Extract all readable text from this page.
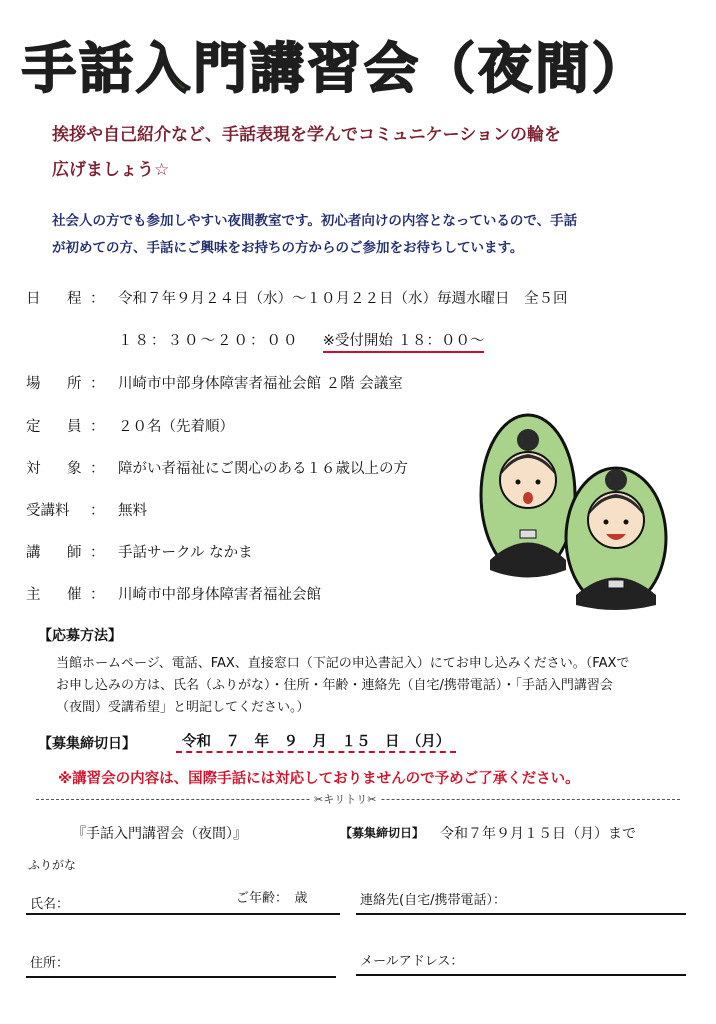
手話入門講習会（夜間）
挨拶や自己紹介など、手話表現を学んでコミュニケーションの輪を
広げましょう☆
社会人の方でも参加しやすい夜間教室です。初心者向けの内容となっているので、手話
が初めての方、手話にご興味をお持ちの方からのご参加をお待ちしています。
日　程 ： 令和７年９月２４日（水）～１０月２２日（水）毎週水曜日　全５回
１８：３０～２０：００ ※受付開始 １８：００～
場　所 ： 川崎市中部身体障害者福祉会館 ２階 会議室
定　員 ： ２０名（先着順）
対　象 ： 障がい者福祉にご関心のある１６歳以上の方
受講料 ： 無料
講　師 ： 手話サークル なかま
主　催 ： 川崎市中部身体障害者福祉会館
【応募方法】
当館ホームページ、電話、FAX、直接窓口（下記の申込書記入）にてお申し込みください。（FAXで
お申し込みの方は、氏名（ふりがな）・住所・年齢・連絡先（自宅/携帯電話）・「手話入門講習会
（夜間）受講希望」と明記してください。）
【募集締切日】	令和　７　年　９　月　１５　日　（月）
※講習会の内容は、国際手話には対応しておりませんので予めご了承ください。
✂キリトリ✂
『手話入門講習会（夜間）』	【募集締切日】 令和７年９月１５日（月）まで
ふりがな
氏名：	ご年齢：　歳	連絡先(自宅/携帯電話）：
住所：	メールアドレス：
